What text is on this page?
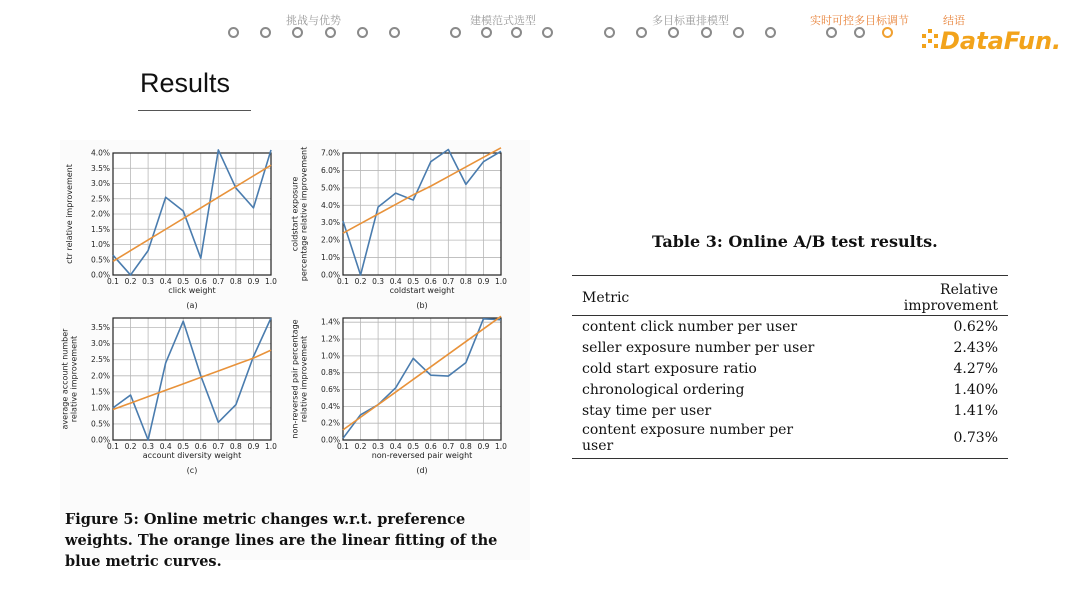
挑战与优势	建模范式选型	多目标重排模型	实时可控多目标调节	结语
DataFun.
Results
0.1 0.2 0.3 0.4 0.5 0.6 0.7 0.8 0.9 1.0
0.0%
0.5%
1.0%
1.5%
2.0%
2.5%
3.0%
3.5%
4.0%
click weight
(a)
ctr relative improvement
0.1 0.2 0.3 0.4 0.5 0.6 0.7 0.8 0.9 1.0
0.0%
1.0%
2.0%
3.0%
4.0%
5.0%
6.0%
7.0%
coldstart weight
(b)
coldstart exposure percentage relative improvement
0.1 0.2 0.3 0.4 0.5 0.6 0.7 0.8 0.9 1.0
0.0%
0.5%
1.0%
1.5%
2.0%
2.5%
3.0%
3.5%
account diversity weight
(c)
average account number relative improvement
0.1 0.2 0.3 0.4 0.5 0.6 0.7 0.8 0.9 1.0
0.0%
0.2%
0.4%
0.6%
0.8%
1.0%
1.2%
1.4%
non-reversed pair weight
(d)
non-reversed pair percentage relative improvement
Figure 5: Online metric changes w.r.t. preference weights. The orange lines are the linear fitting of the blue metric curves.
Table 3: Online A/B test results.
Metric	Relative improvement
content click number per user	0.62%
seller exposure number per user	2.43%
cold start exposure ratio	4.27%
chronological ordering	1.40%
stay time per user	1.41%
content exposure number per user	0.73%
